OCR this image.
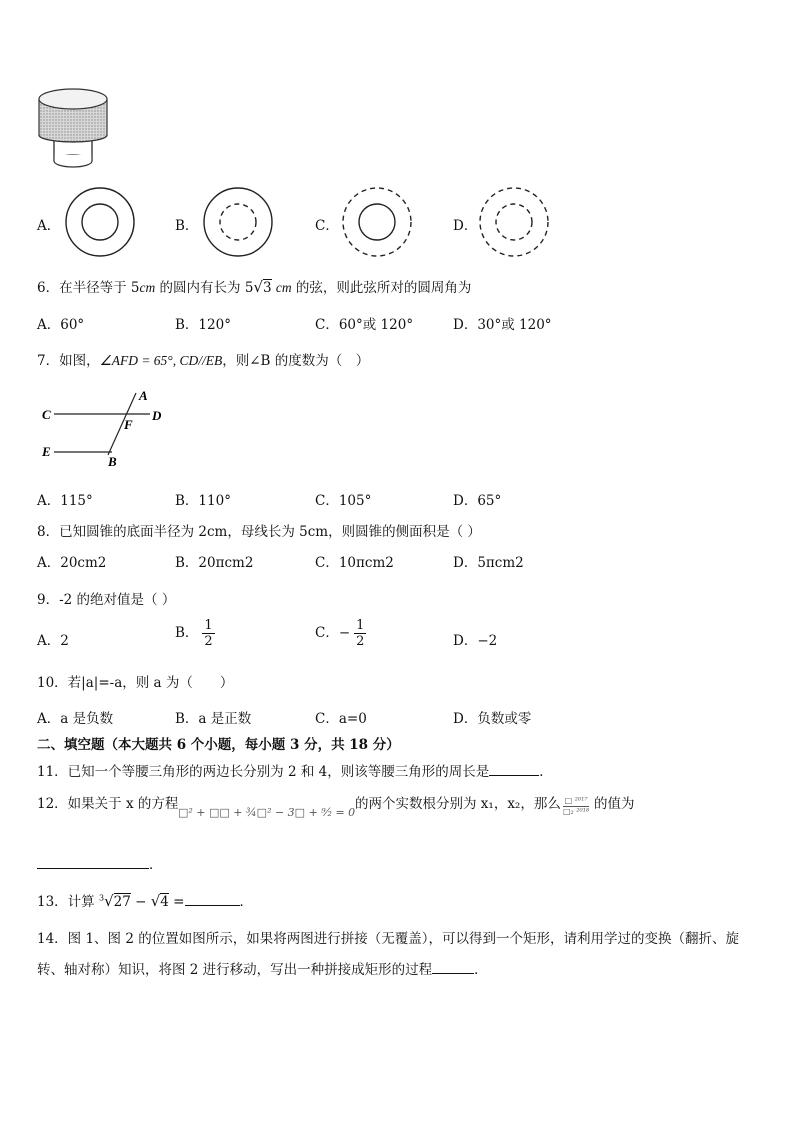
A．	B．	C．	D．
6．在半径等于 5cm 的圆内有长为 5√3 cm 的弦，则此弦所对的圆周角为
A．60°	B．120°	C．60°或 120°	D．30°或 120°
7．如图，∠AFD = 65°, CD//EB，则∠B 的度数为（　）
A
C	D
F
E
B
A．115°	B．110°	C．105°	D．65°
8．已知圆锥的底面半径为 2cm，母线长为 5cm，则圆锥的侧面积是（ ）
A．20cm2	B．20πcm2	C．10πcm2	D．5πcm2
9．-2 的绝对值是（ ）
A．2	B． $\frac{1}{2}$	C．− $\frac{1}{2}$	D．−2
10．若|a|=-a，则 a 为（　　）
A．a 是负数	B．a 是正数	C．a=0	D．负数或零
二、填空题（本大题共 6 个小题，每小题 3 分，共 18 分）
11．已知一个等腰三角形的两边长分别为 2 和 4，则该等腰三角形的周长是	．
12．如果关于 x 的方程
□² + □□ + ¾□² − 3□ + ⁹⁄₂ = 0
的两个实数根分别为 x₁，x₂，那么 □ ²⁰¹⁷
□₂ ²⁰¹⁸ 的值为
．
13．计算 $^3$√27 − √4 =	．
14．图 1、图 2 的位置如图所示，如果将两图进行拼接（无覆盖），可以得到一个矩形，请利用学过的变换（翻折、旋
转、轴对称）知识，将图 2 进行移动，写出一种拼接成矩形的过程	．
